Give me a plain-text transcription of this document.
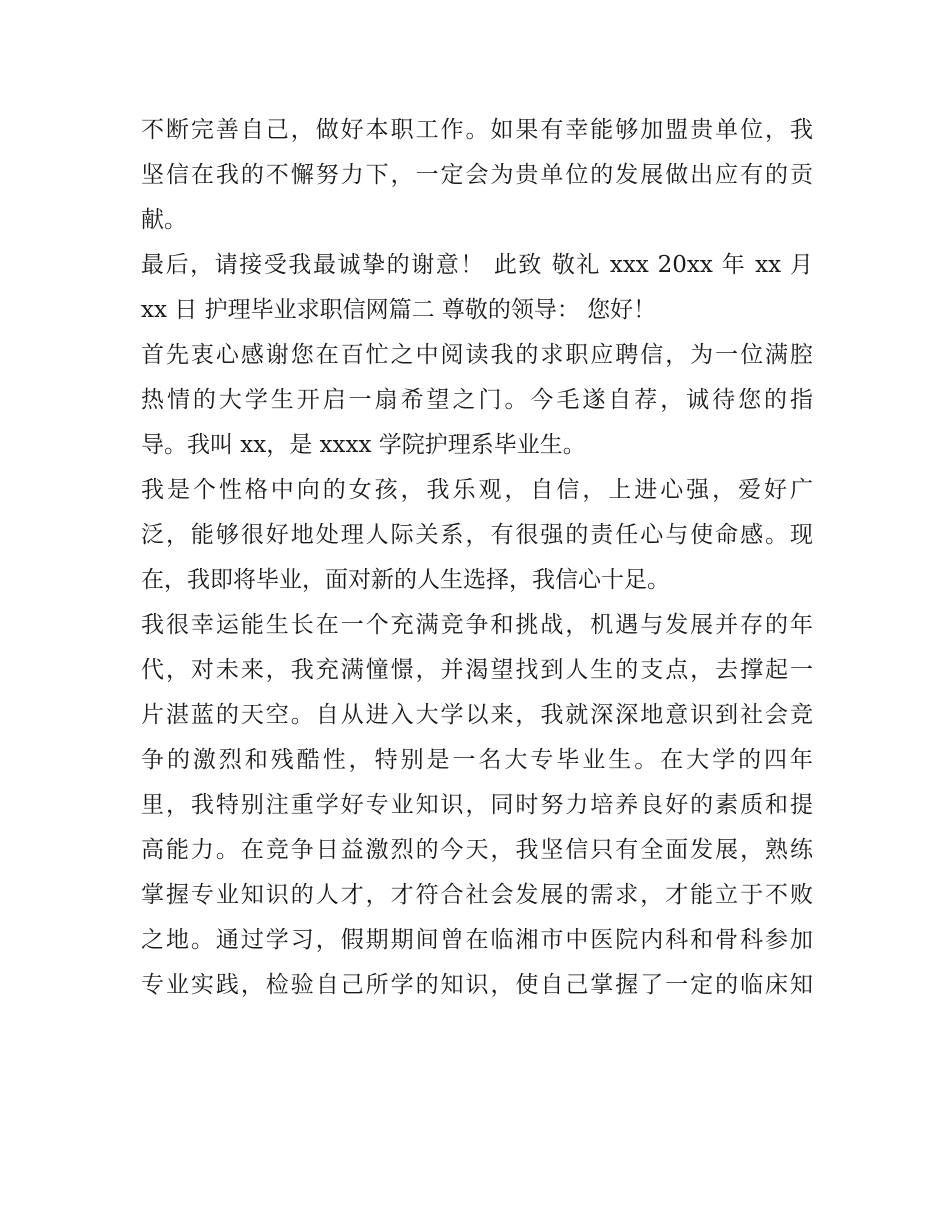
不断完善自己，做好本职工作。如果有幸能够加盟贵单位，我
坚信在我的不懈努力下，一定会为贵单位的发展做出应有的贡
献。
最后，请接受我最诚挚的谢意！ 此致 敬礼 xxx 20xx 年 xx 月
xx 日 护理毕业求职信网篇二 尊敬的领导： 您好！
首先衷心感谢您在百忙之中阅读我的求职应聘信，为一位满腔
热情的大学生开启一扇希望之门。今毛遂自荐，诚待您的指
导。我叫 xx，是 xxxx 学院护理系毕业生。
我是个性格中向的女孩，我乐观，自信，上进心强，爱好广
泛，能够很好地处理人际关系，有很强的责任心与使命感。现
在，我即将毕业，面对新的人生选择，我信心十足。
我很幸运能生长在一个充满竞争和挑战，机遇与发展并存的年
代，对未来，我充满憧憬，并渴望找到人生的支点，去撑起一
片湛蓝的天空。自从进入大学以来，我就深深地意识到社会竞
争的激烈和残酷性，特别是一名大专毕业生。在大学的四年
里，我特别注重学好专业知识，同时努力培养良好的素质和提
高能力。在竞争日益激烈的今天，我坚信只有全面发展，熟练
掌握专业知识的人才，才符合社会发展的需求，才能立于不败
之地。通过学习，假期期间曾在临湘市中医院内科和骨科参加
专业实践，检验自己所学的知识，使自己掌握了一定的临床知
